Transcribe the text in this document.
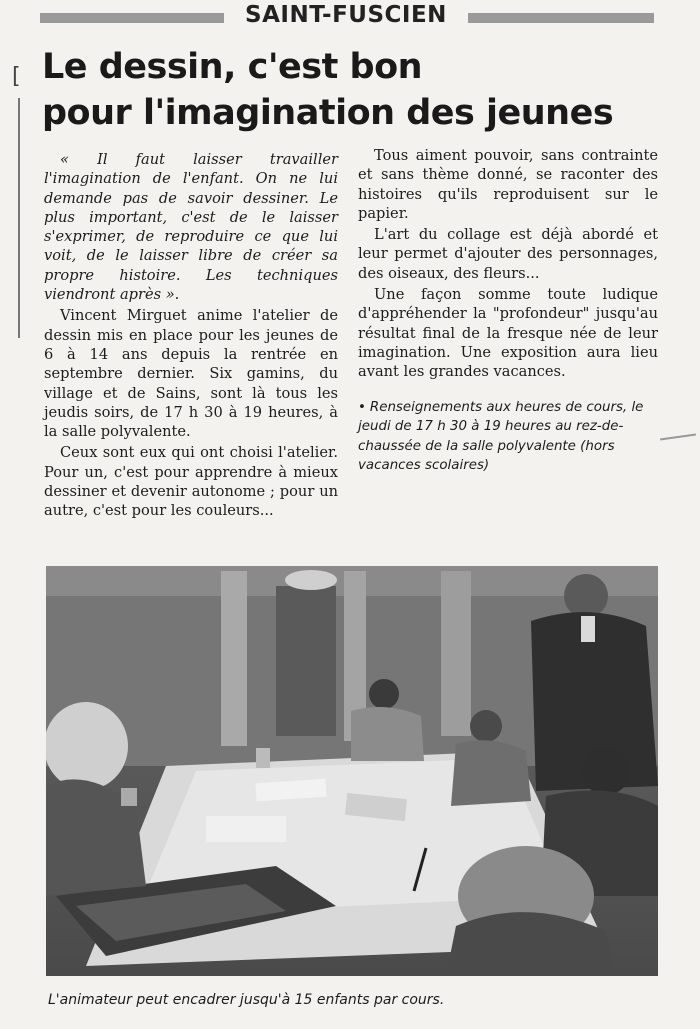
SAINT-FUSCIEN
[ Le dessin, c'est bon
pour l'imagination des jeunes

« Il faut laisser travailler l'imagination de l'enfant. On ne lui demande pas de savoir dessiner. Le plus important, c'est de le laisser s'exprimer, de reproduire ce que lui voit, de le laisser libre de créer sa propre histoire. Les techniques viendront après ».

Vincent Mirguet anime l'atelier de dessin mis en place pour les jeunes de 6 à 14 ans depuis la rentrée en septembre dernier. Six gamins, du village et de Sains, sont là tous les jeudis soirs, de 17 h 30 à 19 heures, à la salle polyvalente.

Ceux sont eux qui ont choisi l'atelier. Pour un, c'est pour apprendre à mieux dessiner et devenir autonome ; pour un autre, c'est pour les couleurs...

Tous aiment pouvoir, sans contrainte et sans thème donné, se raconter des histoires qu'ils reproduisent sur le papier.

L'art du collage est déjà abordé et leur permet d'ajouter des personnages, des oiseaux, des fleurs...

Une façon somme toute ludique d'appréhender la "profondeur" jusqu'au résultat final de la fresque née de leur imagination. Une exposition aura lieu avant les grandes vacances.

• Renseignements aux heures de cours, le jeudi de 17 h 30 à 19 heures au rez-de-chaussée de la salle polyvalente (hors vacances scolaires)

L'animateur peut encadrer jusqu'à 15 enfants par cours.
